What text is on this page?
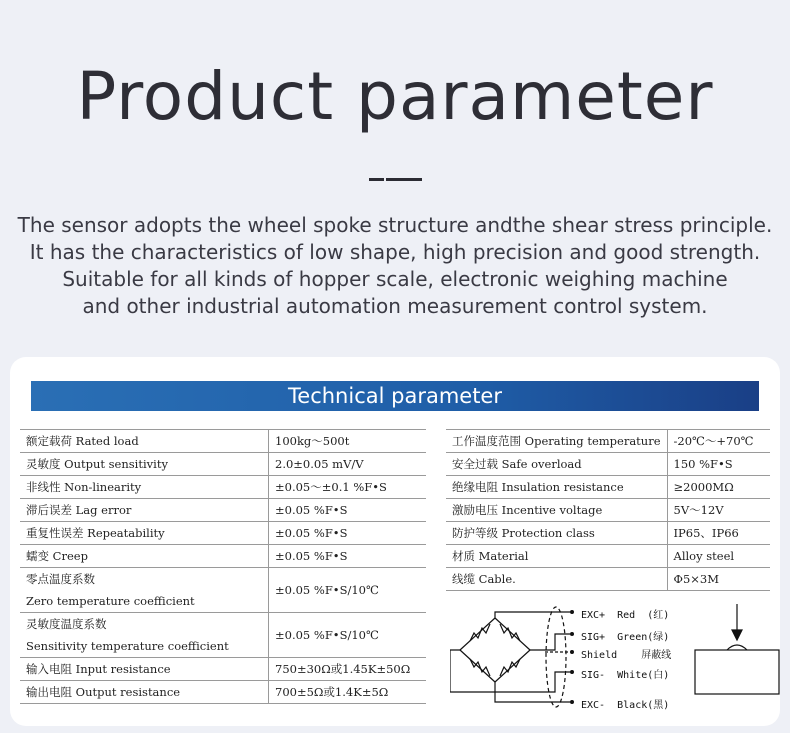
Product parameter
The sensor adopts the wheel spoke structure andthe shear stress principle.
It has the characteristics of low shape, high precision and good strength.
Suitable for all kinds of hopper scale, electronic weighing machine
and other industrial automation measurement control system.
Technical parameter
额定载荷 Rated load	100kg～500t
灵敏度 Output sensitivity	2.0±0.05 mV/V
非线性 Non-linearity	±0.05～±0.1 %F•S
滞后误差 Lag error	±0.05 %F•S
重复性误差 Repeatability	±0.05 %F•S
蠕变 Creep	±0.05 %F•S

零点温度系数
Zero temperature coefficient	±0.05 %F•S/10℃

灵敏度温度系数
Sensitivity temperature coefficient	±0.05 %F•S/10℃
输入电阻 Input resistance	750±30Ω或1.45K±50Ω
输出电阻 Output resistance	700±5Ω或1.4K±5Ω
工作温度范围 Operating temperature	-20℃～+70℃
安全过载 Safe overload	150 %F•S
绝缘电阻 Insulation resistance	≥2000MΩ
激励电压 Incentive voltage	5V～12V
防护等级 Protection class	IP65、IP66
材质 Material	Alloy steel
线缆 Cable.	Φ5×3M
EXC+ Red (红)
SIG+ Green(绿)
Shield 屏蔽线
SIG- White(白)
EXC- Black(黑)
